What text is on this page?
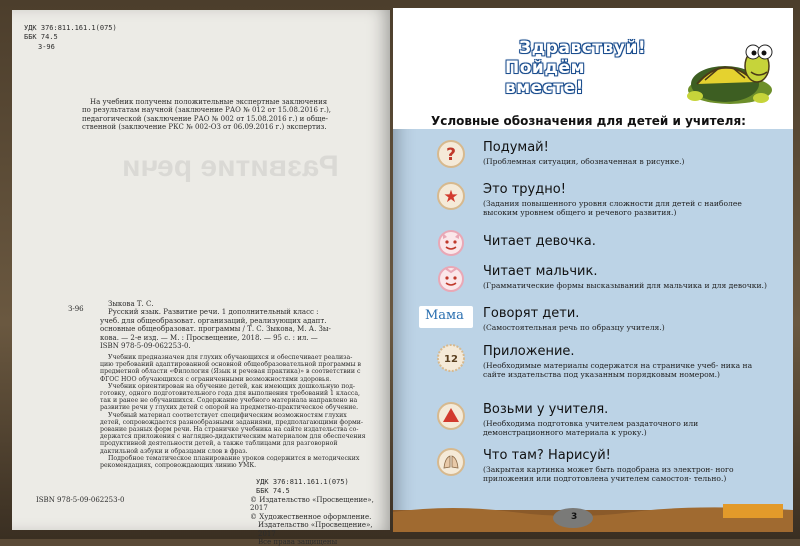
Развитие речи
УДК 376:811.161.1(075)
ББК 74.5
З-96
На учебник получены положительные экспертные заключения
по результатам научной (заключение РАО № 012 от 15.08.2016 г.),
педагогической (заключение РАО № 002 от 15.08.2016 г.) и обще-
ственной (заключение РКС № 002-ОЗ от 06.09.2016 г.) экспертиз.
З-96
Зыкова Т. С.
Русский язык. Развитие речи. 1 дополнительный класс :
учеб. для общеобразоват. организаций, реализующих адапт.
основные общеобразоват. программы / Т. С. Зыкова, М. А. Зы-
кова. — 2-е изд. — М. : Просвещение, 2018. — 95 с. : ил. —
ISBN 978-5-09-062253-0.
Учебник предназначен для глухих обучающихся и обеспечивает реализа-
цию требований адаптированной основной общеобразовательной программы в
предметной области «Филология (Язык и речевая практика)» в соответствии с
ФГОС НОО обучающихся с ограниченными возможностями здоровья.
Учебник ориентирован на обучение детей, как имеющих дошкольную под-
готовку, одного подготовительного года для выполнения требований 1 класса,
так и ранее не обучавшихся. Содержание учебного материала направлено на
развитие речи у глухих детей с опорой на предметно-практическое обучение.
Учебный материал соответствует специфическим возможностям глухих
детей, сопровождается разнообразными заданиями, предполагающими форми-
рование разных форм речи. На страничке учебника на сайте издательства со-
держатся приложения с наглядно-дидактическим материалом для обеспечения
продуктивной деятельности детей, а также таблицами для разговорной
дактильной азбуки и образцами слов в фраз.
Подробное тематическое планирование уроков содержится в методических
рекомендациях, сопровождающих линию УМК.
УДК 376:811.161.1(075)
ББК 74.5
ISBN 978-5-09-062253-0	© Издательство «Просвещение», 2017
© Художественное оформление.
Издательство «Просвещение», 2017
Все права защищены
Здравствуй!
Пойдём вместе!
Условные обозначения для детей и учителя:
? Подумай!
(Проблемная ситуация, обозначенная в рисунке.)
★ Это трудно!
(Задания повышенного уровня сложности для детей с наиболее высоким уровнем общего и речевого развития.)
Читает девочка.
Читает мальчик.
(Грамматические формы высказываний для мальчика и для девочки.)
Мама Говорят дети.
(Самостоятельная речь по образцу учителя.)
12
Приложение.
(Необходимые материалы содержатся на страничке учеб- ника на сайте издательства под указанным порядковым номером.)
Возьми у учителя.
(Необходима подготовка учителем раздаточного или демонстрационного материала к уроку.)
Что там? Нарисуй!
(Закрытая картинка может быть подобрана из электрон- ного приложения или подготовлена учителем самостоя- тельно.)
3
